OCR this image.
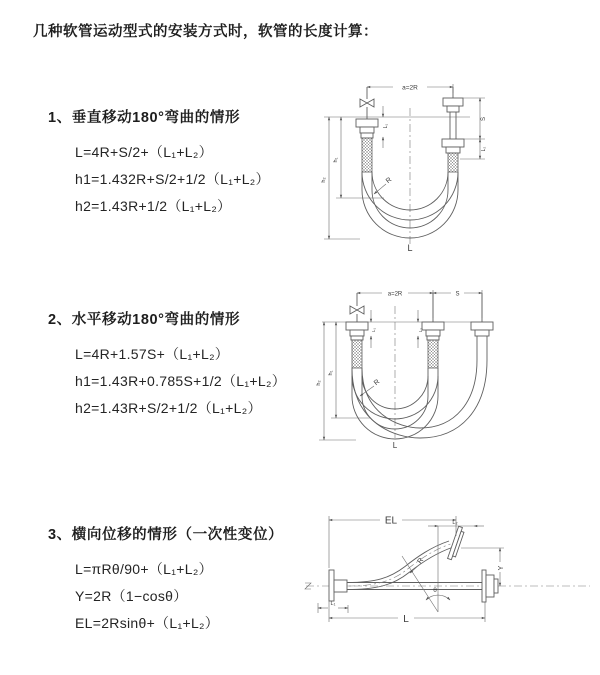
几种软管运动型式的安装方式时，软管的长度计算：
1、垂直移动180°弯曲的情形
L=4R+S/2+（L₁+L₂）
h1=1.432R+S/2+1/2（L₁+L₂）
h2=1.43R+1/2（L₁+L₂）
2、水平移动180°弯曲的情形
L=4R+1.57S+（L₁+L₂）
h1=1.43R+0.785S+1/2（L₁+L₂）
h2=1.43R+S/2+1/2（L₁+L₂）
3、横向位移的情形（一次性变位）
L=πRθ/90+（L₁+L₂）
Y=2R（1−cosθ）
EL=2Rsinθ+（L₁+L₂）
a=2R
h₁
h₂
L₁
S
L₂
R
L
a=2R	S
h₁
h₂
L₁	L₂
R
L
EL	L₂
θ
Y
R
L
L₁
